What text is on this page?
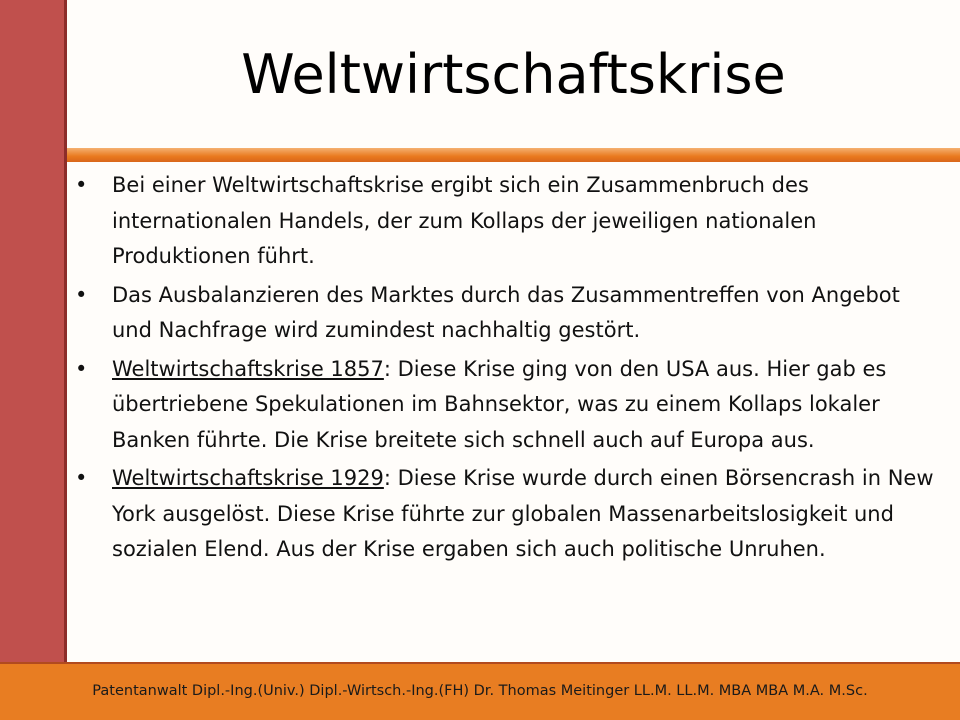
Weltwirtschaftskrise
• Bei einer Weltwirtschaftskrise ergibt sich ein Zusammenbruch des internationalen Handels, der zum Kollaps der jeweiligen nationalen Produktionen führt.
• Das Ausbalanzieren des Marktes durch das Zusammentreffen von Angebot und Nachfrage wird zumindest nachhaltig gestört.
• Weltwirtschaftskrise 1857: Diese Krise ging von den USA aus. Hier gab es übertriebene Spekulationen im Bahnsektor, was zu einem Kollaps lokaler Banken führte. Die Krise breitete sich schnell auch auf Europa aus.
• Weltwirtschaftskrise 1929: Diese Krise wurde durch einen Börsencrash in New York ausgelöst. Diese Krise führte zur globalen Massenarbeitslosigkeit und sozialen Elend. Aus der Krise ergaben sich auch politische Unruhen.
Patentanwalt Dipl.-Ing.(Univ.) Dipl.-Wirtsch.-Ing.(FH) Dr. Thomas Meitinger LL.M. LL.M. MBA MBA M.A. M.Sc.
